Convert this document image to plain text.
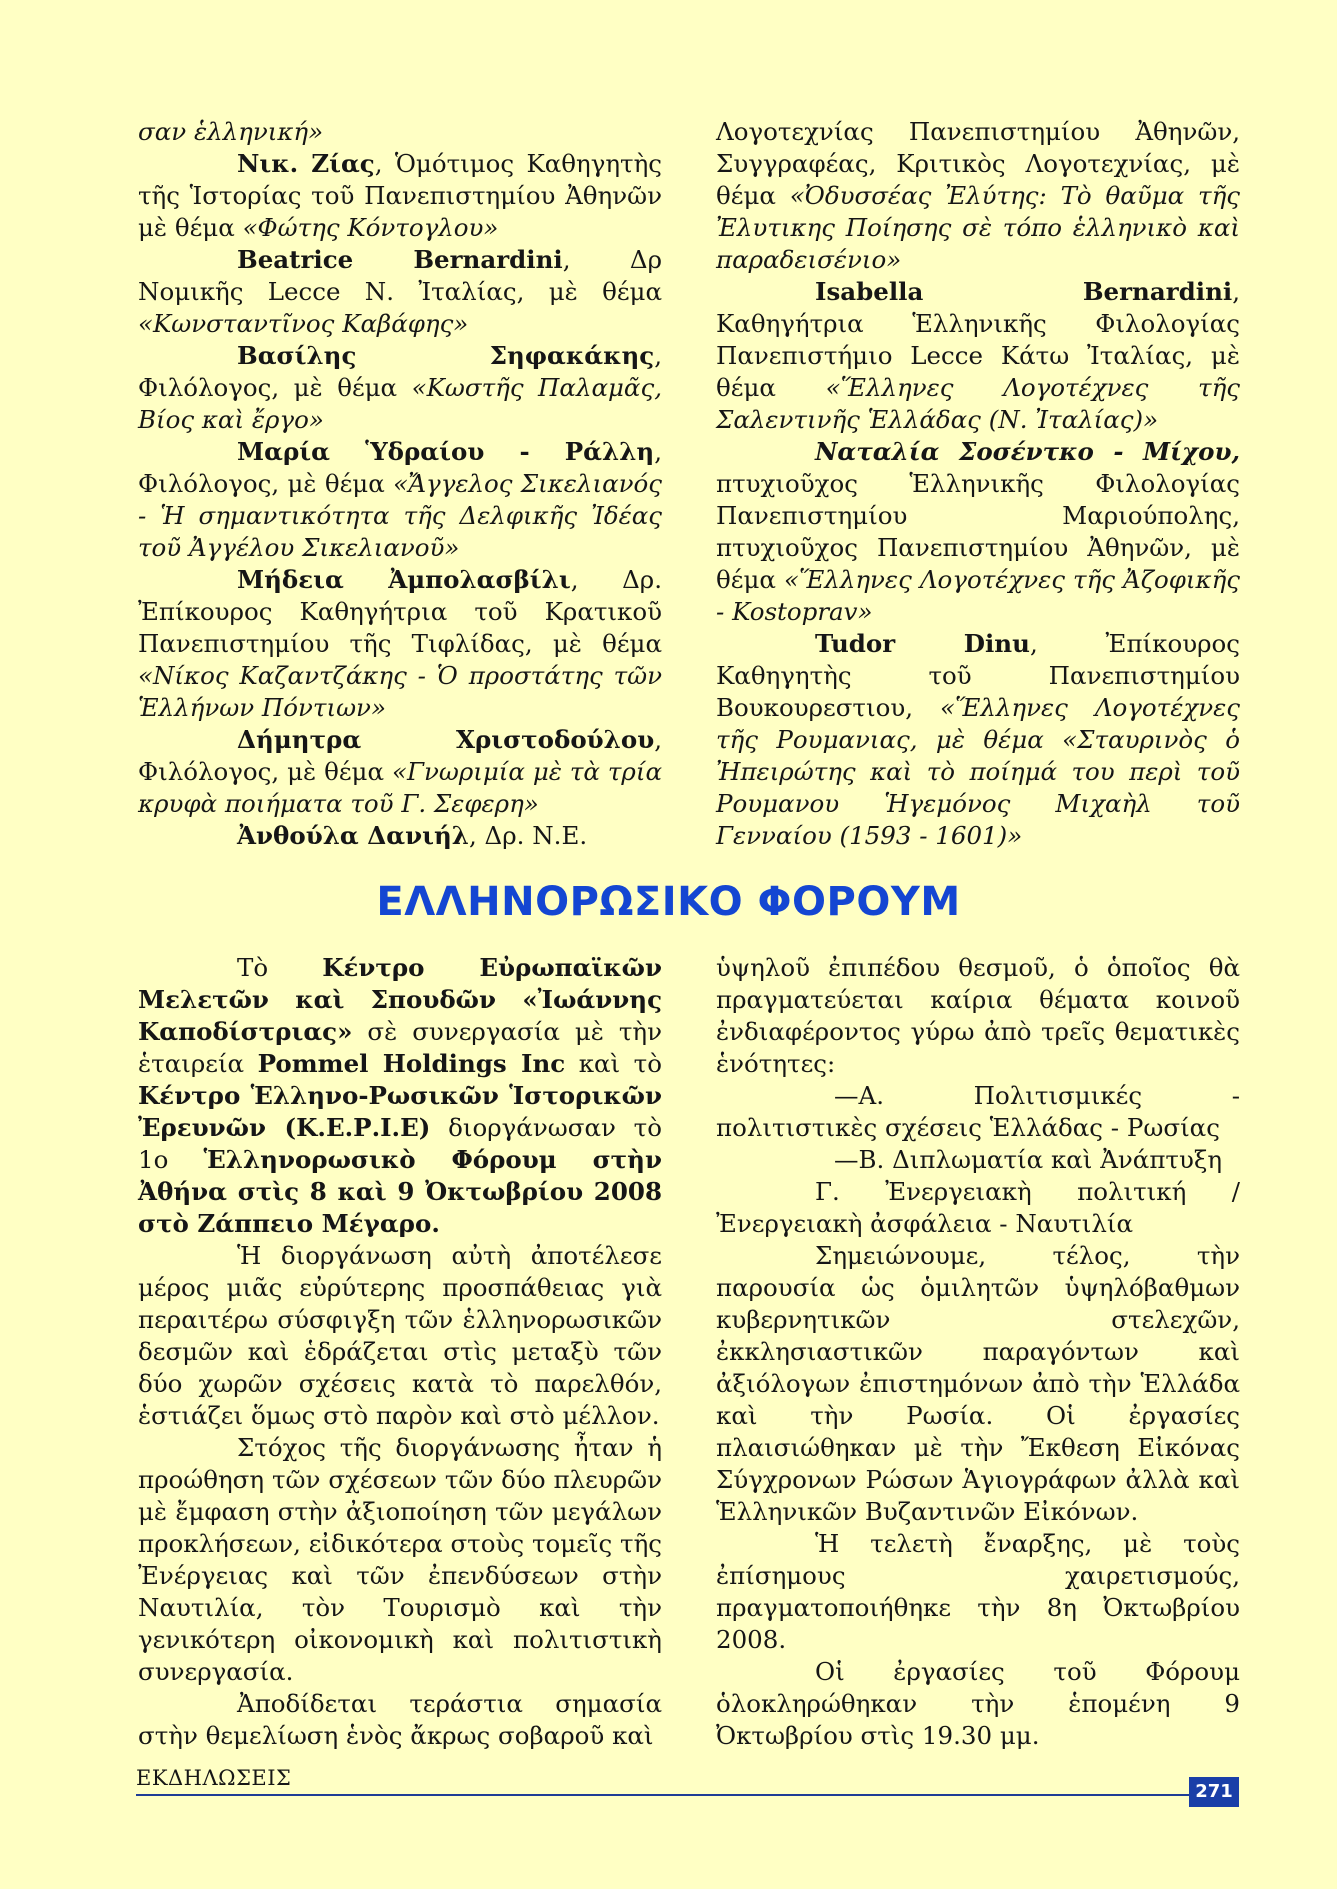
σαν ἑλληνική»

Νικ. Ζίας, Ὁμότιμος Καθηγητὴς τῆς Ἱστορίας τοῦ Πανεπιστημίου Ἀθηνῶν μὲ θέμα «Φώτης Κόντογλου»

Beatrice Bernardini, Δρ Νομικῆς Lecce Ν. Ἰταλίας, μὲ θέμα «Κωνσταντῖνος Καβάφης»

Βασίλης Σηφακάκης, Φιλόλογος, μὲ θέμα «Κωστῆς Παλαμᾶς, Βίος καὶ ἔργο»

Μαρία Ὑδραίου - Ράλλη, Φιλόλογος, μὲ θέμα «Ἄγγελος Σικελιανός - Ἡ σημαντικότητα τῆς Δελφικῆς Ἰδέας τοῦ Ἀγγέλου Σικελιανοῦ»

Μήδεια Ἀμπολασβίλι, Δρ. Ἐπίκουρος Καθηγήτρια τοῦ Κρατικοῦ Πανεπιστημίου τῆς Τιφλίδας, μὲ θέμα «Νίκος Καζαντζάκης - Ὁ προστάτης τῶν Ἑλλήνων Πόντιων»

Δήμητρα Χριστοδούλου, Φιλόλογος, μὲ θέμα «Γνωριμία μὲ τὰ τρία κρυφὰ ποιήματα τοῦ Γ. Σεφερη»

Ἀνθούλα Δανιήλ, Δρ. Ν.Ε.

Λογοτεχνίας Πανεπιστημίου Ἀθηνῶν, Συγγραφέας, Κριτικὸς Λογοτεχνίας, μὲ θέμα «Ὀδυσσέας Ἐλύτης: Τὸ θαῦμα τῆς Ἐλυτικης Ποίησης σὲ τόπο ἑλληνικὸ καὶ παραδεισένιο»

Isabella Bernardini, Καθηγήτρια Ἑλληνικῆς Φιλολογίας Πανεπιστήμιο Lecce Κάτω Ἰταλίας, μὲ θέμα «Ἕλληνες Λογοτέχνες τῆς Σαλεντινῆς Ἑλλάδας (Ν. Ἰταλίας)»

Ναταλία Σοσέντκο - Μίχου, πτυχιοῦχος Ἑλληνικῆς Φιλολογίας Πανεπιστημίου Μαριούπολης, πτυχιοῦχος Πανεπιστημίου Ἀθηνῶν, μὲ θέμα «Ἕλληνες Λογοτέχνες τῆς Ἀζοφικῆς - Kostoprav»

Tudor Dinu, Ἐπίκουρος Καθηγητὴς τοῦ Πανεπιστημίου Βουκουρεστιου, «Ἕλληνες Λογοτέχνες τῆς Ρουμανιας, μὲ θέμα «Σταυρινὸς ὁ Ἠπειρώτης καὶ τὸ ποίημά του περὶ τοῦ Ρουμανου Ἡγεμόνος Μιχαὴλ τοῦ Γενναίου (1593 - 1601)»

ΕΛΛΗΝΟΡΩΣΙΚΟ ΦΟΡΟΥΜ

Τὸ Κέντρο Εὐρωπαϊκῶν Μελετῶν καὶ Σπουδῶν «Ἰωάννης Καποδίστριας» σὲ συνεργασία μὲ τὴν ἑταιρεία Pommel Holdings Inc καὶ τὸ Κέντρο Ἑλληνο-Ρωσικῶν Ἱστορικῶν Ἐρευνῶν (Κ.Ε.Ρ.Ι.Ε) διοργάνωσαν τὸ 1ο Ἑλληνορωσικὸ Φόρουμ στὴν Ἀθήνα στὶς 8 καὶ 9 Ὀκτωβρίου 2008 στὸ Ζάππειο Μέγαρο.

Ἡ διοργάνωση αὐτὴ ἀποτέλεσε μέρος μιᾶς εὐρύτερης προσπάθειας γιὰ περαιτέρω σύσφιγξη τῶν ἑλληνορωσικῶν δεσμῶν καὶ ἑδράζεται στὶς μεταξὺ τῶν δύο χωρῶν σχέσεις κατὰ τὸ παρελθόν, ἑστιάζει ὅμως στὸ παρὸν καὶ στὸ μέλλον.

Στόχος τῆς διοργάνωσης ἦταν ἡ προώθηση τῶν σχέσεων τῶν δύο πλευρῶν μὲ ἔμφαση στὴν ἀξιοποίηση τῶν μεγάλων προκλήσεων, εἰδικότερα στοὺς τομεῖς τῆς Ἐνέργειας καὶ τῶν ἐπενδύσεων στὴν Ναυτιλία, τὸν Τουρισμὸ καὶ τὴν γενικότερη οἰκονομικὴ καὶ πολιτιστικὴ συνεργασία.

Ἀποδίδεται τεράστια σημασία στὴν θεμελίωση ἑνὸς ἄκρως σοβαροῦ καὶ

ὑψηλοῦ ἐπιπέδου θεσμοῦ, ὁ ὁποῖος θὰ πραγματεύεται καίρια θέματα κοινοῦ ἐνδιαφέροντος γύρω ἀπὸ τρεῖς θεματικὲς ἑνότητες:

—Α. Πολιτισμικές - πολιτιστικὲς σχέσεις Ἑλλάδας - Ρωσίας

—Β. Διπλωματία καὶ Ἀνάπτυξη

Γ. Ἐνεργειακὴ πολιτική / Ἐνεργειακὴ ἀσφάλεια - Ναυτιλία

Σημειώνουμε, τέλος, τὴν παρουσία ὡς ὁμιλητῶν ὑψηλόβαθμων κυβερνητικῶν στελεχῶν, ἐκκλησιαστικῶν παραγόντων καὶ ἀξιόλογων ἐπιστημόνων ἀπὸ τὴν Ἑλλάδα καὶ τὴν Ρωσία. Οἱ ἐργασίες πλαισιώθηκαν μὲ τὴν Ἔκθεση Εἰκόνας Σύγχρονων Ρώσων Ἁγιογράφων ἀλλὰ καὶ Ἑλληνικῶν Βυζαντινῶν Εἰκόνων.

Ἡ τελετὴ ἔναρξης, μὲ τοὺς ἐπίσημους χαιρετισμούς, πραγματοποιήθηκε τὴν 8η Ὀκτωβρίου 2008.

Οἱ ἐργασίες τοῦ Φόρουμ ὁλοκληρώθηκαν τὴν ἑπομένη 9 Ὀκτωβρίου στὶς 19.30 μμ.

ΕΚΔΗΛΩΣΕΙΣ
271
